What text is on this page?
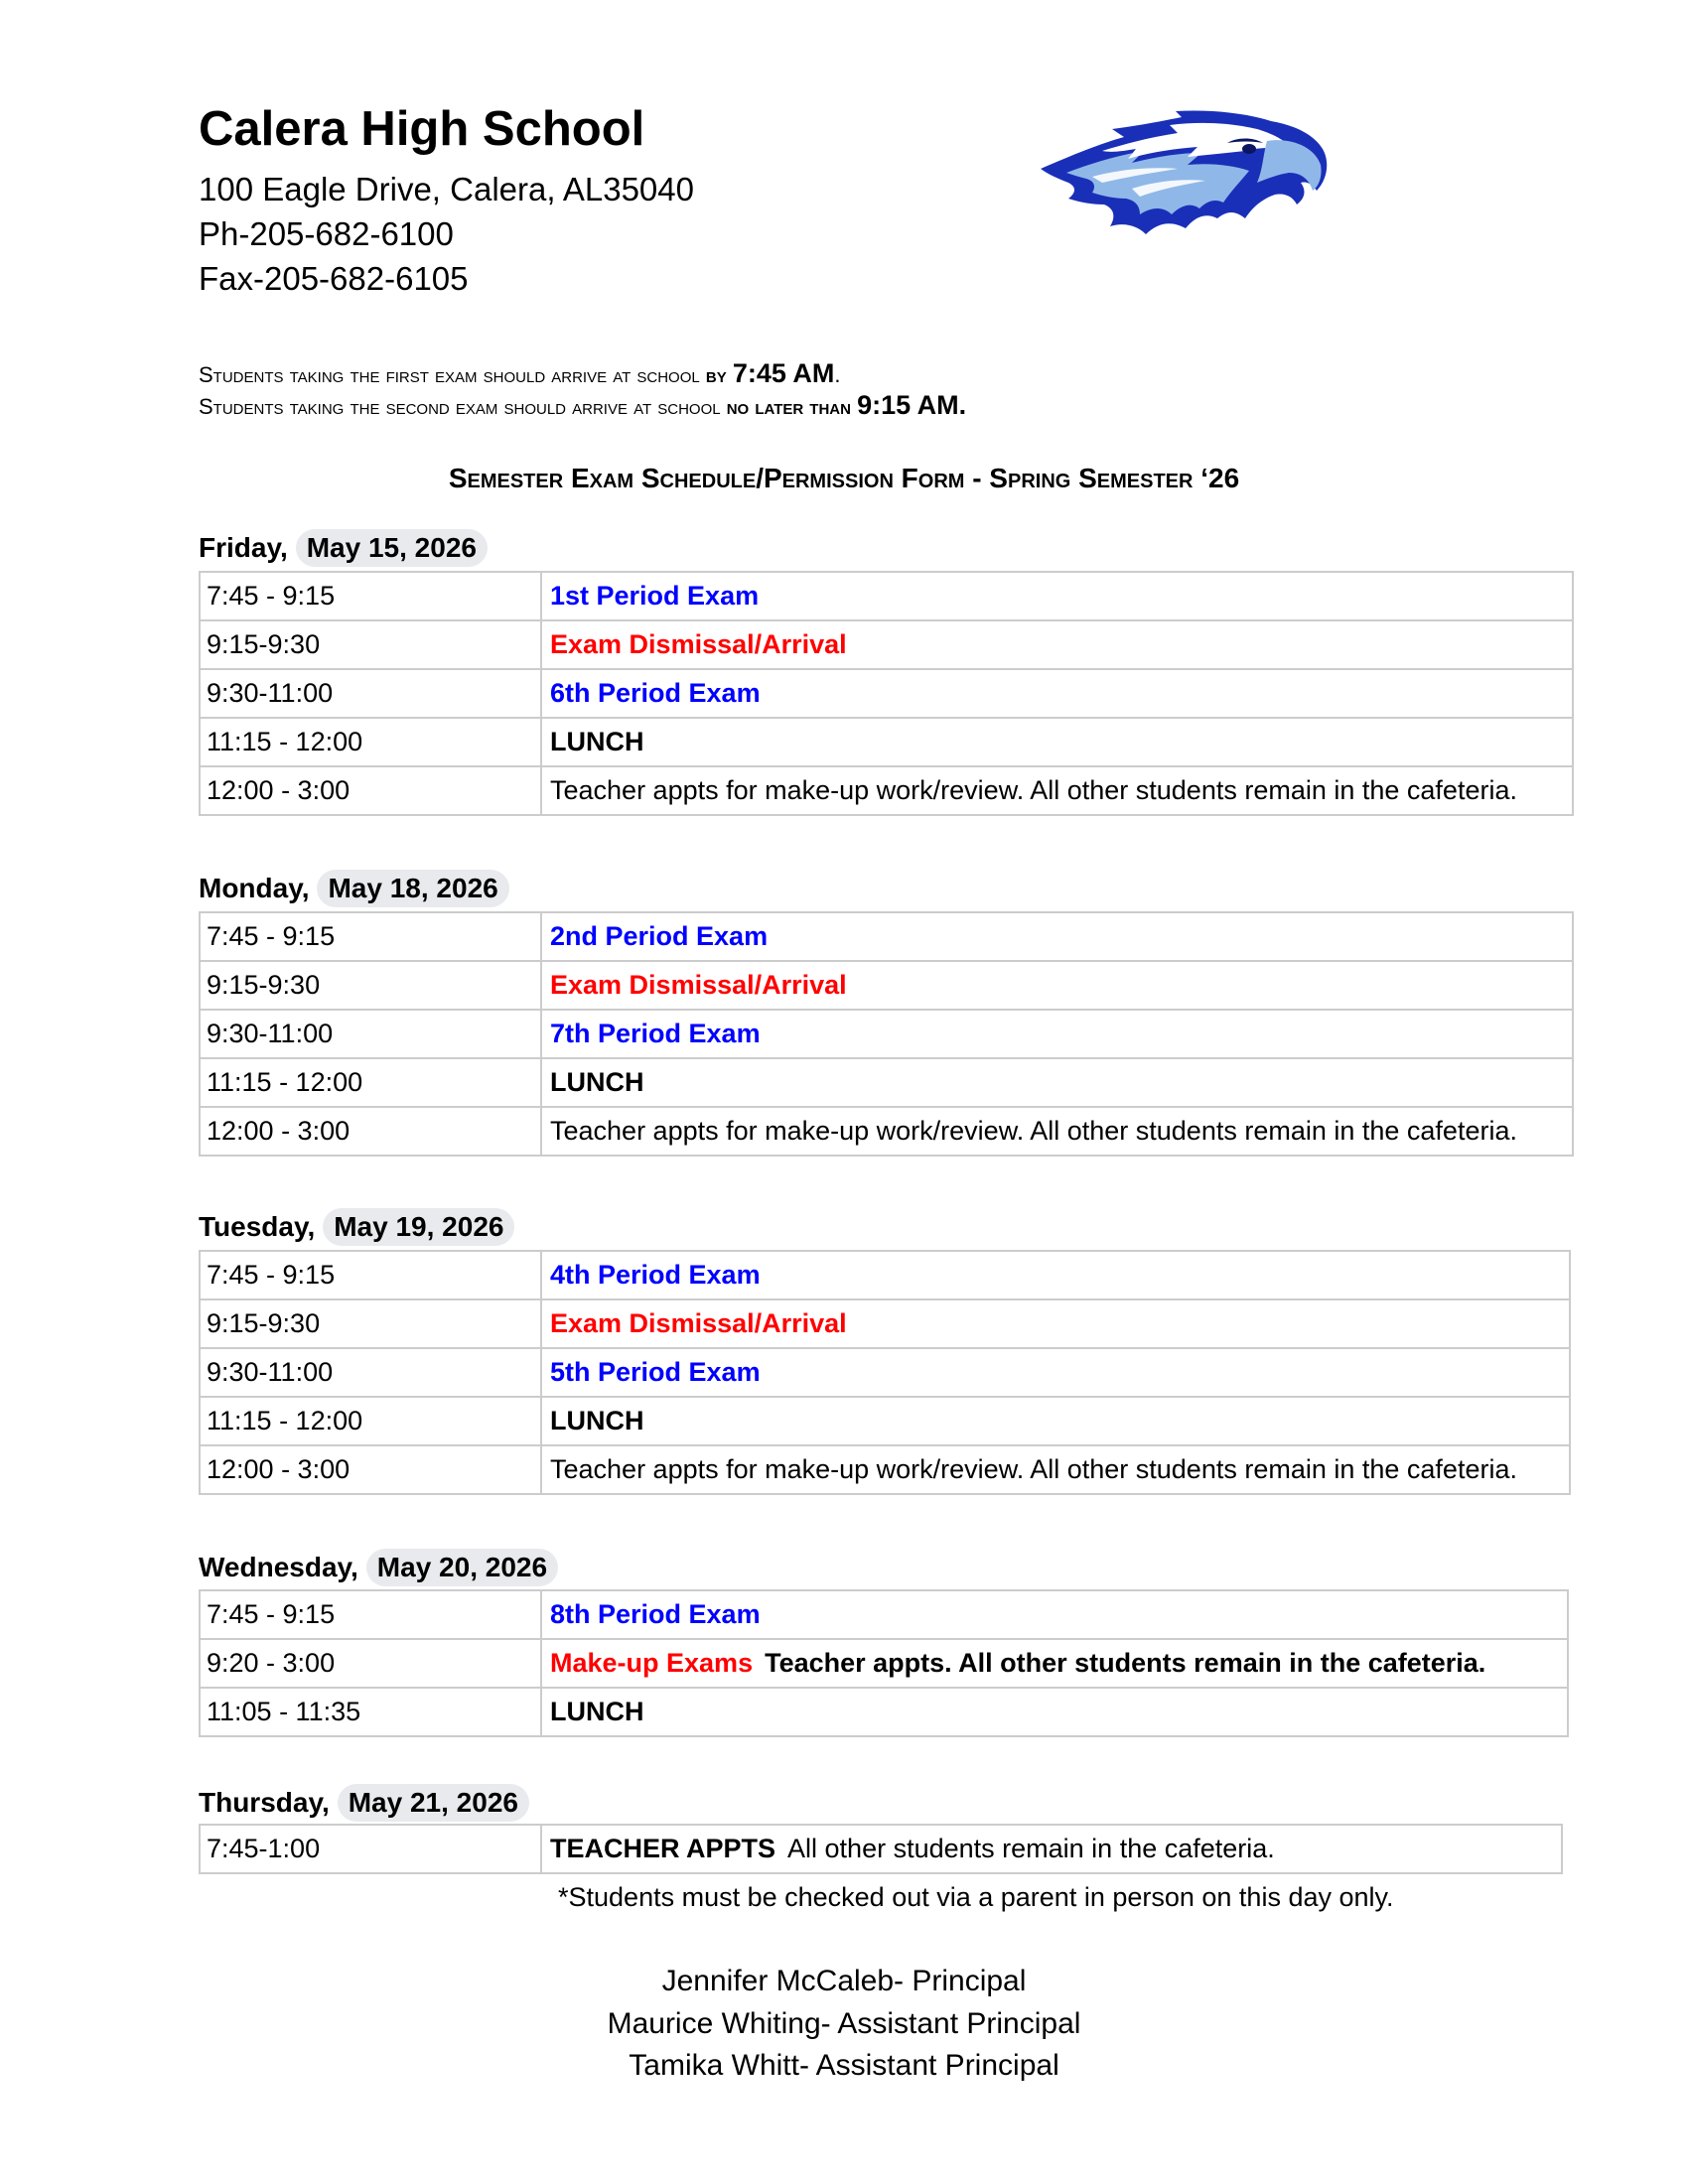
Calera High School
100 Eagle Drive, Calera, AL35040
Ph-205-682-6100
Fax-205-682-6105
Students taking the first exam should arrive at school by 7:45 AM.
Students taking the second exam should arrive at school no later than 9:15 AM.
Semester Exam Schedule/Permission Form - Spring Semester ‘26
Friday, May 15, 2026
7:45 - 9:15	1st Period Exam
9:15-9:30	Exam Dismissal/Arrival
9:30-11:00	6th Period Exam
11:15 - 12:00	LUNCH
12:00 - 3:00	Teacher appts for make-up work/review. All other students remain in the cafeteria.
Monday, May 18, 2026
7:45 - 9:15	2nd Period Exam
9:15-9:30	Exam Dismissal/Arrival
9:30-11:00	7th Period Exam
11:15 - 12:00	LUNCH
12:00 - 3:00	Teacher appts for make-up work/review. All other students remain in the cafeteria.
Tuesday, May 19, 2026
7:45 - 9:15	4th Period Exam
9:15-9:30	Exam Dismissal/Arrival
9:30-11:00	5th Period Exam
11:15 - 12:00	LUNCH
12:00 - 3:00	Teacher appts for make-up work/review. All other students remain in the cafeteria.
Wednesday, May 20, 2026
7:45 - 9:15	8th Period Exam
9:20 - 3:00	Make-up Exams Teacher appts. All other students remain in the cafeteria.
11:05 - 11:35	LUNCH
Thursday, May 21, 2026
7:45-1:00	TEACHER APPTS All other students remain in the cafeteria.
*Students must be checked out via a parent in person on this day only.
Jennifer McCaleb- Principal
Maurice Whiting- Assistant Principal
Tamika Whitt- Assistant Principal
